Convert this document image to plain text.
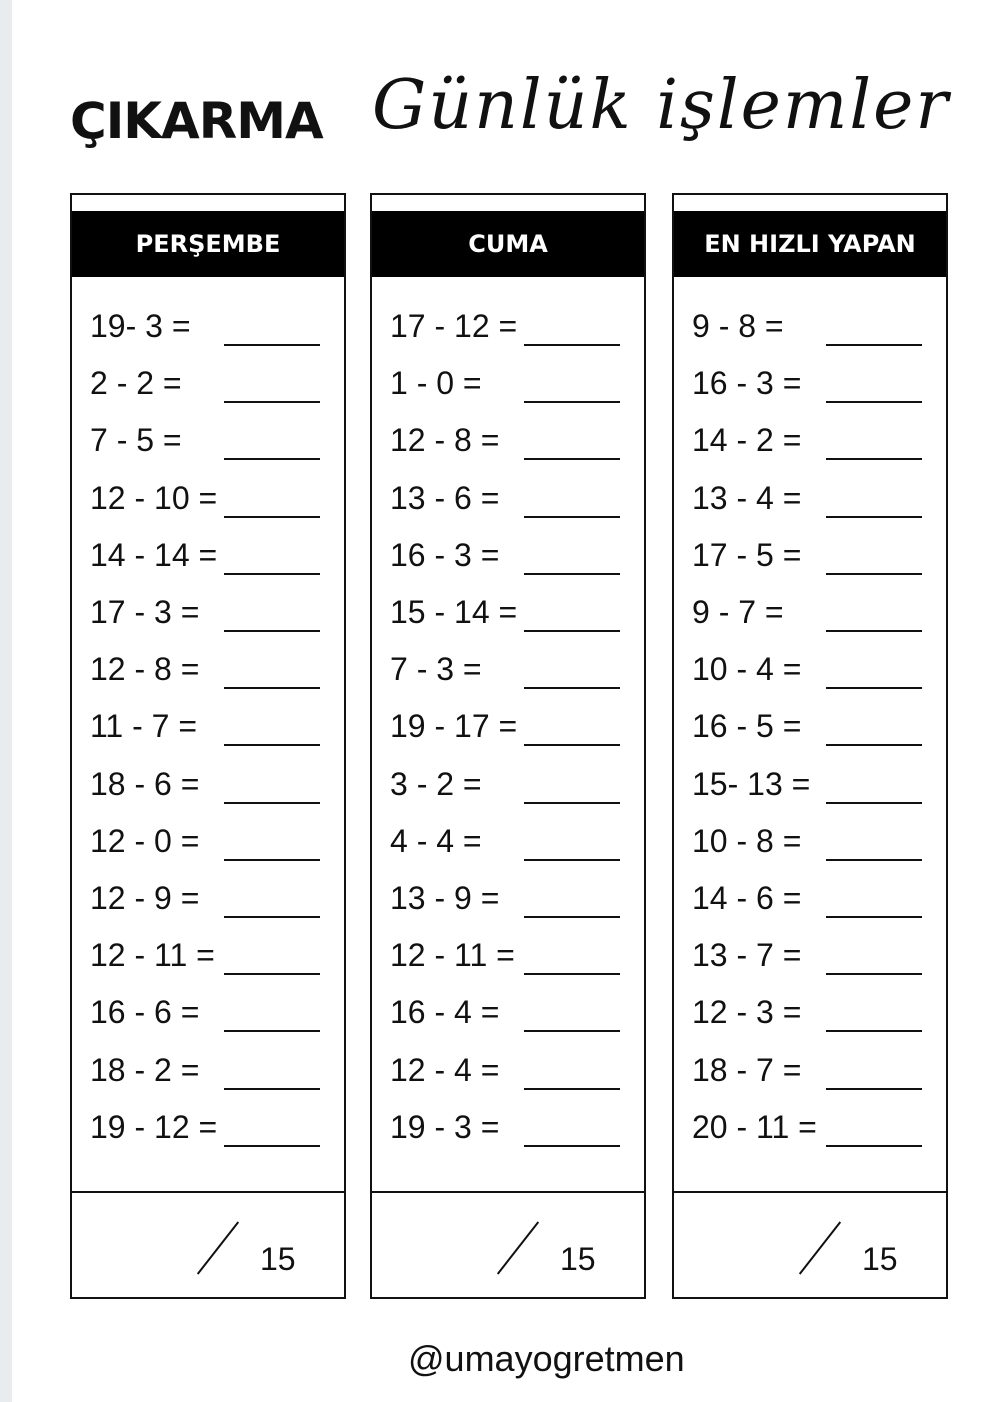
ÇIKARMA Günlük işlemler
PERŞEMBE
19- 3 =
2 - 2 =
7 - 5 =
12 - 10 =
14 - 14 =
17 - 3 =
12 - 8 =
11 - 7 =
18 - 6 =
12 - 0 =
12 - 9 =
12 - 11 =
16 - 6 =
18 - 2 =
19 - 12 =
15
CUMA
17 - 12 =
1 - 0 =
12 - 8 =
13 - 6 =
16 - 3 =
15 - 14 =
7 - 3 =
19 - 17 =
3 - 2 =
4 - 4 =
13 - 9 =
12 - 11 =
16 - 4 =
12 - 4 =
19 - 3 =
15
EN HIZLI YAPAN
9 - 8 =
16 - 3 =
14 - 2 =
13 - 4 =
17 - 5 =
9 - 7 =
10 - 4 =
16 - 5 =
15- 13 =
10 - 8 =
14 - 6 =
13 - 7 =
12 - 3 =
18 - 7 =
20 - 11 =
15
@umayogretmen
